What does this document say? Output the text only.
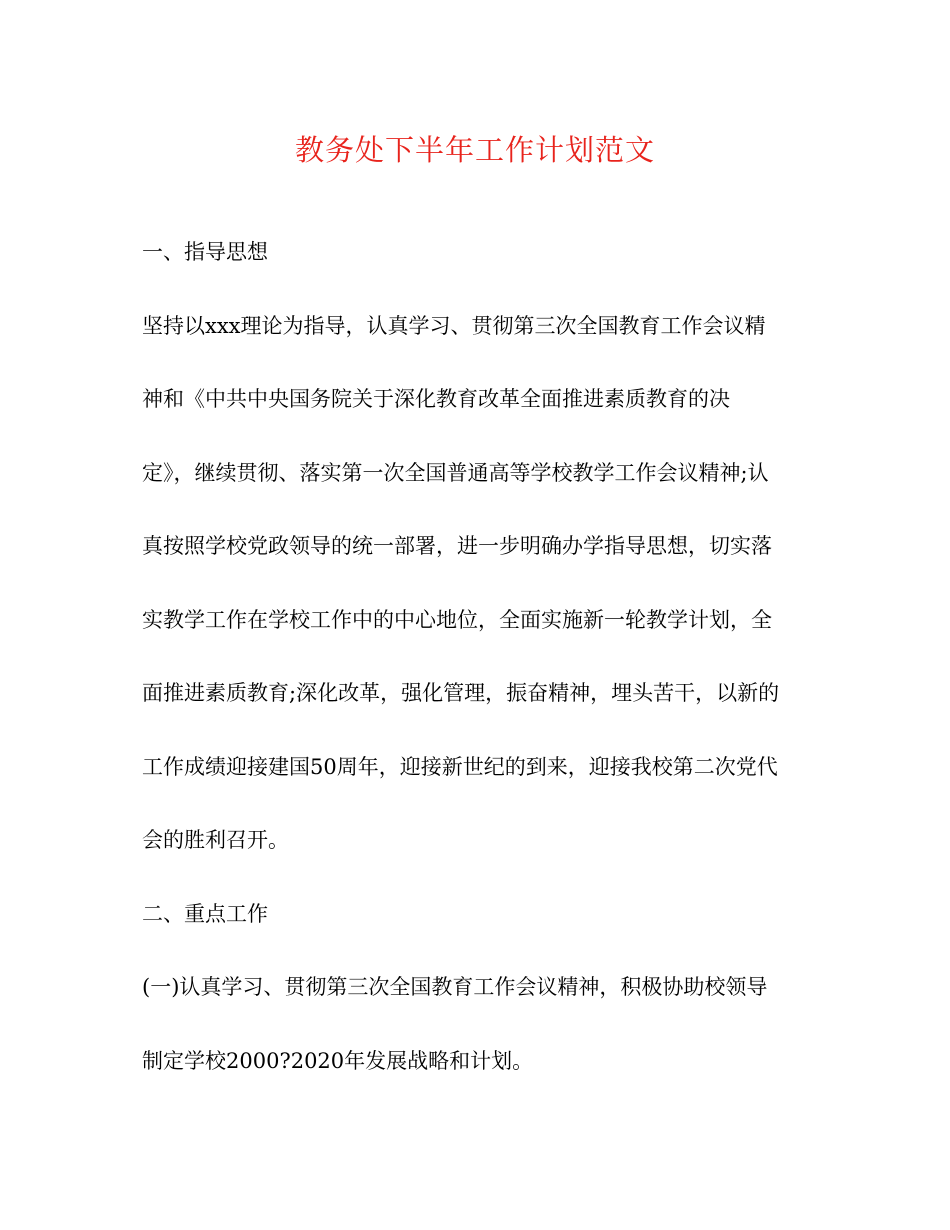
教务处下半年工作计划范文
一、指导思想
坚持以xxx理论为指导，认真学习、贯彻第三次全国教育工作会议精
神和《中共中央国务院关于深化教育改革全面推进素质教育的决
定》，继续贯彻、落实第一次全国普通高等学校教学工作会议精神;认
真按照学校党政领导的统一部署，进一步明确办学指导思想，切实落
实教学工作在学校工作中的中心地位，全面实施新一轮教学计划，全
面推进素质教育;深化改革，强化管理，振奋精神，埋头苦干，以新的
工作成绩迎接建国50周年，迎接新世纪的到来，迎接我校第二次党代
会的胜利召开。
二、重点工作
(一)认真学习、贯彻第三次全国教育工作会议精神，积极协助校领导
制定学校2000?2020年发展战略和计划。
